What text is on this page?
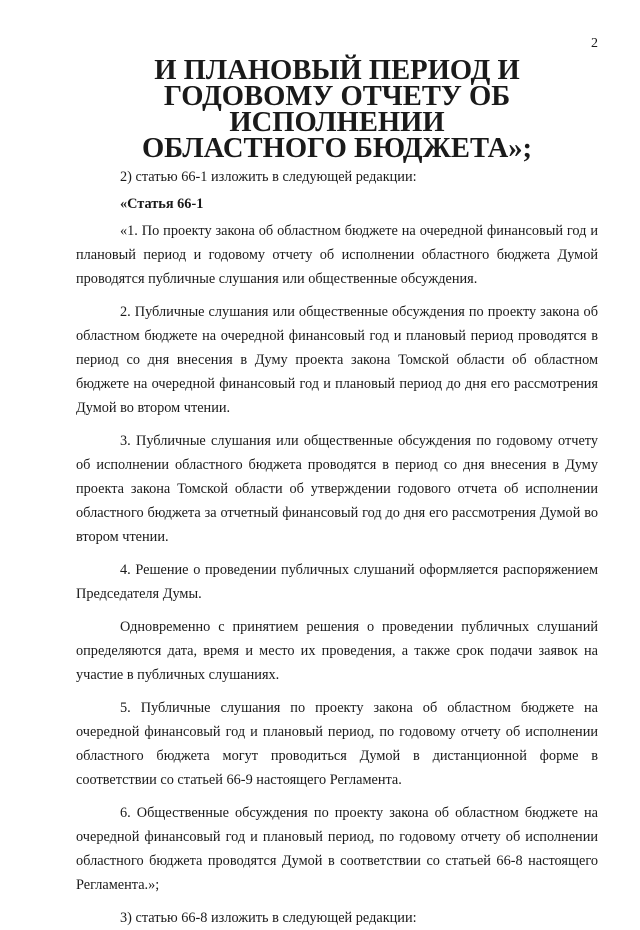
2
И ПЛАНОВЫЙ ПЕРИОД И ГОДОВОМУ ОТЧЕТУ ОБ ИСПОЛНЕНИИ
ОБЛАСТНОГО БЮДЖЕТА»;

2) статью 66-1 изложить в следующей редакции:

«Статья 66-1

«1. По проекту закона об областном бюджете на очередной финансовый год и плановый период и годовому отчету об исполнении областного бюджета Думой проводятся публичные слушания или общественные обсуждения.

2. Публичные слушания или общественные обсуждения по проекту закона об областном бюджете на очередной финансовый год и плановый период проводятся в период со дня внесения в Думу проекта закона Томской области об областном бюджете на очередной финансовый год и плановый период до дня его рассмотрения Думой во втором чтении.

3. Публичные слушания или общественные обсуждения по годовому отчету об исполнении областного бюджета проводятся в период со дня внесения в Думу проекта закона Томской области об утверждении годового отчета об исполнении областного бюджета за отчетный финансовый год до дня его рассмотрения Думой во втором чтении.

4. Решение о проведении публичных слушаний оформляется распоряжением Председателя Думы.

Одновременно с принятием решения о проведении публичных слушаний определяются дата, время и место их проведения, а также срок подачи заявок на участие в публичных слушаниях.

5. Публичные слушания по проекту закона об областном бюджете на очередной финансовый год и плановый период, по годовому отчету об исполнении областного бюджета могут проводиться Думой в дистанционной форме в соответствии со статьей 66-9 настоящего Регламента.

6. Общественные обсуждения по проекту закона об областном бюджете на очередной финансовый год и плановый период, по годовому отчету об исполнении областного бюджета проводятся Думой в соответствии со статьей 66-8 настоящего Регламента.»;

3) статью 66-8 изложить в следующей редакции:
